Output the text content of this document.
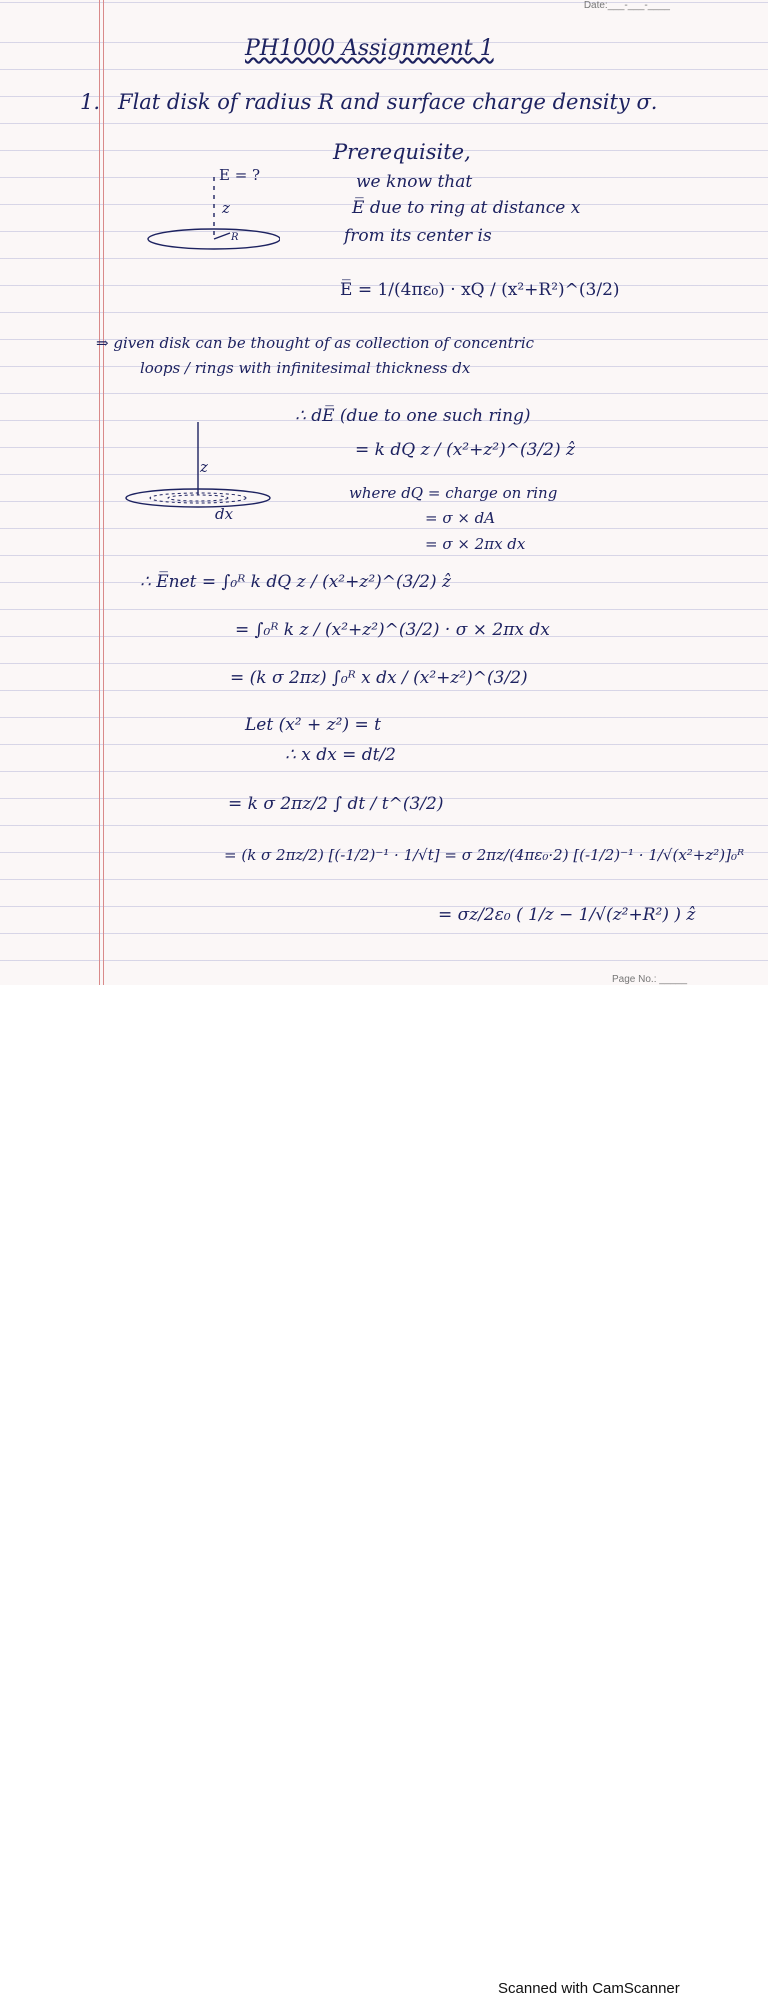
Date:___-___-____
PH1000 Assignment 1
1. Flat disk of radius R and surface charge density σ.
E = ?
z
R
Prerequisite,
we know that
E̅ due to ring at distance x
from its center is
E̅ = 1/(4πε₀) · xQ / (x²+R²)^(3/2)
⇒ given disk can be thought of as collection of concentric
loops / rings with infinitesimal thickness dx
z
dx
∴ dE̅ (due to one such ring)
= k dQ z / (x²+z²)^(3/2) ẑ
where dQ = charge on ring
= σ × dA
= σ × 2πx dx
∴ E̅net = ∫₀ᴿ k dQ z / (x²+z²)^(3/2) ẑ
= ∫₀ᴿ k z / (x²+z²)^(3/2) · σ × 2πx dx
= (k σ 2πz) ∫₀ᴿ x dx / (x²+z²)^(3/2)
Let (x² + z²) = t
∴ x dx = dt/2
= k σ 2πz/2 ∫ dt / t^(3/2)
= (k σ 2πz/2) [(-1/2)⁻¹ · 1/√t] = σ 2πz/(4πε₀·2) [(-1/2)⁻¹ · 1/√(x²+z²)]₀ᴿ
= σz/2ε₀ ( 1/z − 1/√(z²+R²) ) ẑ
Page No.: _____
Scanned with CamScanner
